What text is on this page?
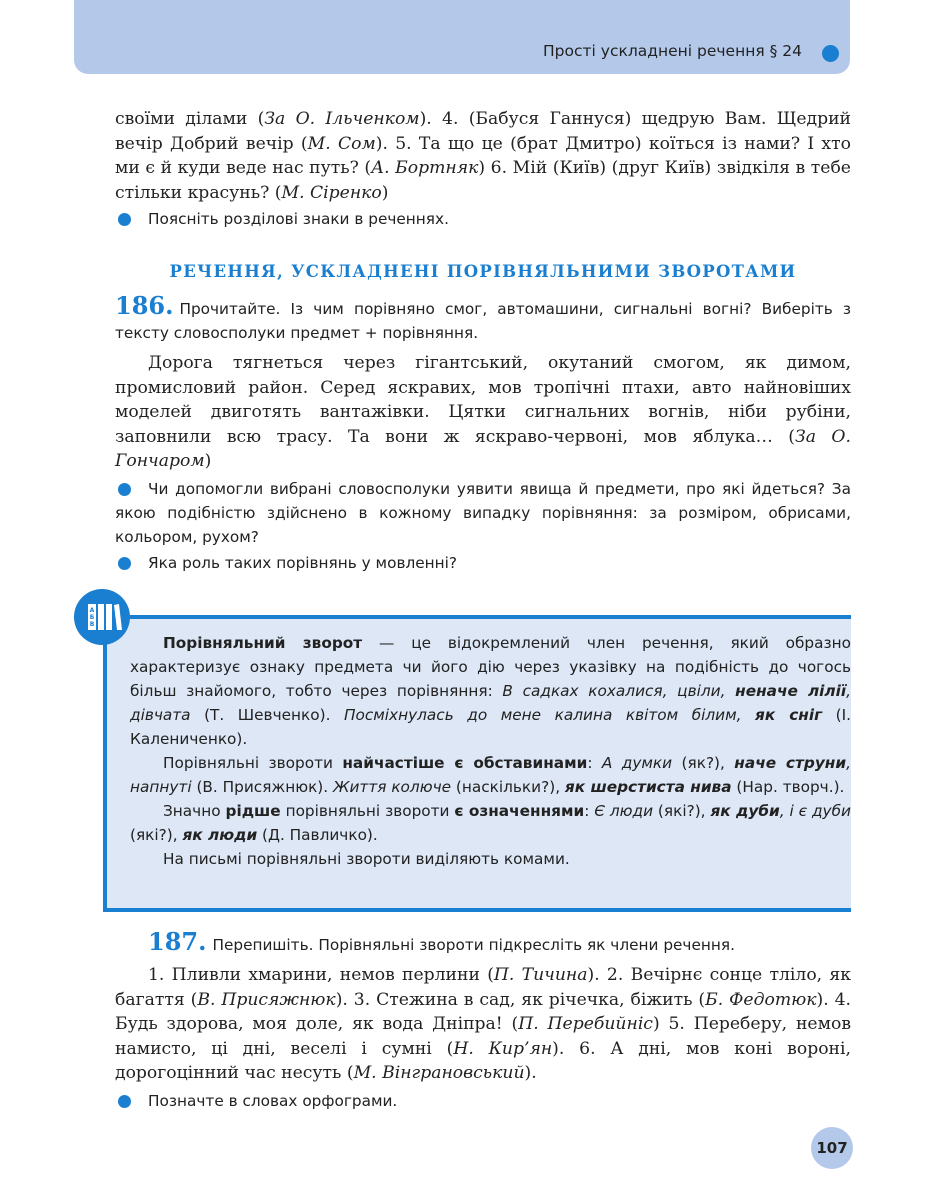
Прості ускладнені речення § 24

своїми ділами (За О. Ільченком). 4. (Бабуся Ганнуся) щедрую Вам. Щедрий вечір Добрий вечір (М. Сом). 5. Та що це (брат Дмитро) коїться із нами? І хто ми є й куди веде нас путь? (А. Бортняк) 6. Мій (Київ) (друг Київ) звідкіля в тебе стільки красунь? (М. Сіренко)

Поясніть розділові знаки в реченнях.

РЕЧЕННЯ, УСКЛАДНЕНІ ПОРІВНЯЛЬНИМИ ЗВОРОТАМИ

186. Прочитайте. Із чим порівняно смог, автомашини, сигнальні вогні? Виберіть з тексту словосполуки предмет + порівняння.

Дорога тягнеться через гігантський, окутаний смогом, як димом, промисловий район. Серед яскравих, мов тропічні птахи, авто найновіших моделей двиготять вантажівки. Цятки сигнальних вогнів, ніби рубіни, заповнили всю трасу. Та вони ж яскраво-червоні, мов яблука… (За О. Гончаром)

Чи допомогли вибрані словосполуки уявити явища й предмети, про які йдеться? За якою подібністю здійснено в кожному випадку порівняння: за розміром, обрисами, кольором, рухом?

Яка роль таких порівнянь у мовленні?

А
Б
В

Порівняльний зворот — це відокремлений член речення, який образно характеризує ознаку предмета чи його дію через указівку на подібність до чогось більш знайомого, тобто через порівняння: В садках кохалися, цвіли, неначе лілії, дівчата (Т. Шевченко). Посміхнулась до мене калина квітом білим, як сніг (І. Калениченко).

Порівняльні звороти найчастіше є обставинами: А думки (як?), наче струни, напнуті (В. Присяжнюк). Життя колюче (наскільки?), як шерстиста нива (Нар. творч.).

Значно рідше порівняльні звороти є означеннями: Є люди (які?), як дуби, і є дуби (які?), як люди (Д. Павличко).

На письмі порівняльні звороти виділяють комами.

187. Перепишіть. Порівняльні звороти підкресліть як члени речення.

1. Пливли хмарини, немов перлини (П. Тичина). 2. Вечірнє сонце тліло, як багаття (В. Присяжнюк). 3. Стежина в сад, як річечка, біжить (Б. Федотюк). 4. Будь здорова, моя доле, як вода Дніпра! (П. Перебийніс) 5. Переберу, немов намисто, ці дні, веселі і сумні (Н. Кир’ян). 6. А дні, мов коні вороні, дорогоцінний час несуть (М. Вінграновський).

Позначте в словах орфограми.

107
